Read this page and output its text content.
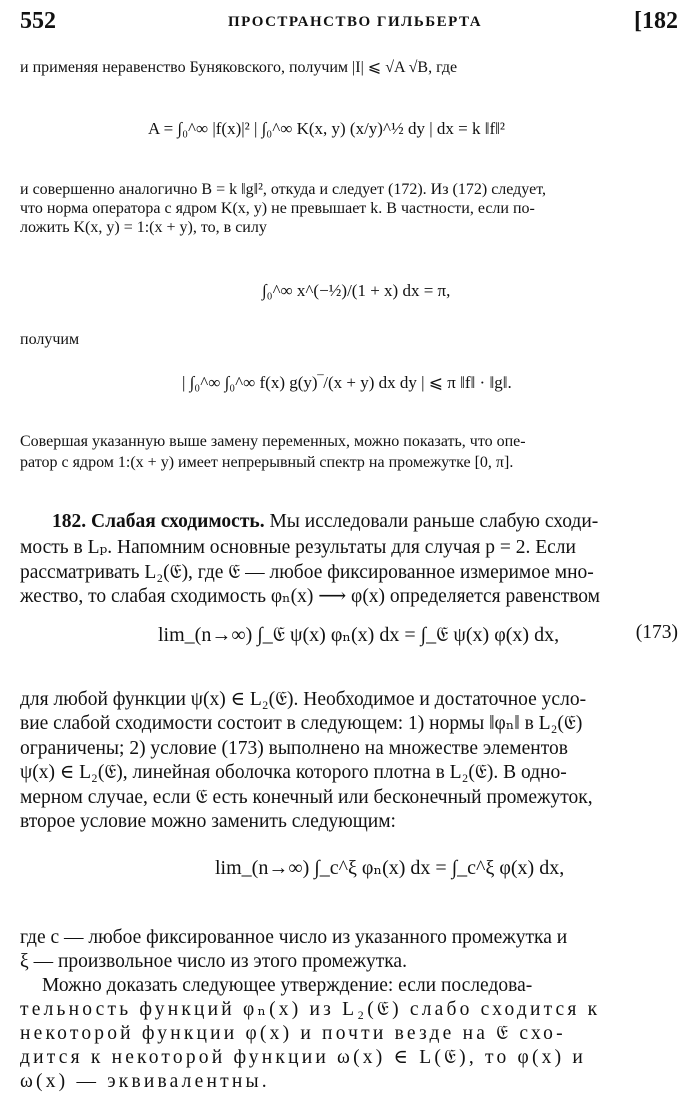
552	ПРОСТРАНСТВО ГИЛЬБЕРТА	[182
и применяя неравенство Буняковского, получим |I| ⩽ √A √B, где
A = ∫₀^∞ |f(x)|² | ∫₀^∞ K(x, y) (x/y)^½ dy | dx = k ‖f‖²
и совершенно аналогично B = k ‖g‖², откуда и следует (172). Из (172) следует,
что норма оператора с ядром K(x, y) не превышает k. В частности, если по-
ложить K(x, y) = 1:(x + y), то, в силу
∫₀^∞ x^(−½)/(1 + x) dx = π,
получим
| ∫₀^∞ ∫₀^∞ f(x) g(y)‾/(x + y) dx dy | ⩽ π ‖f‖ · ‖g‖.
Совершая указанную выше замену переменных, можно показать, что опе-
ратор с ядром 1:(x + y) имеет непрерывный спектр на промежутке [0, π].
182. Слабая сходимость. Мы исследовали раньше слабую сходи-
мость в Lₚ. Напомним основные результаты для случая p = 2. Если
рассматривать L₂(𝔈), где 𝔈 — любое фиксированное измеримое мно-
жество, то слабая сходимость φₙ(x) ⟶ φ(x) определяется равенством
lim_(n→∞) ∫_𝔈 ψ(x) φₙ(x) dx = ∫_𝔈 ψ(x) φ(x) dx,	(173)
для любой функции ψ(x) ∈ L₂(𝔈). Необходимое и достаточное усло-
вие слабой сходимости состоит в следующем: 1) нормы ‖φₙ‖ в L₂(𝔈)
ограничены; 2) условие (173) выполнено на множестве элементов
ψ(x) ∈ L₂(𝔈), линейная оболочка которого плотна в L₂(𝔈). В одно-
мерном случае, если 𝔈 есть конечный или бесконечный промежуток,
второе условие можно заменить следующим:
lim_(n→∞) ∫_c^ξ φₙ(x) dx = ∫_c^ξ φ(x) dx,
где c — любое фиксированное число из указанного промежутка и
ξ — произвольное число из этого промежутка.
Можно доказать следующее утверждение: если последова-
тельность функций φₙ(x) из L₂(𝔈) слабо сходится к
некоторой функции φ(x) и почти везде на 𝔈 схо-
дится к некоторой функции ω(x) ∈ L(𝔈), то φ(x) и
ω(x) — эквивалентны.
